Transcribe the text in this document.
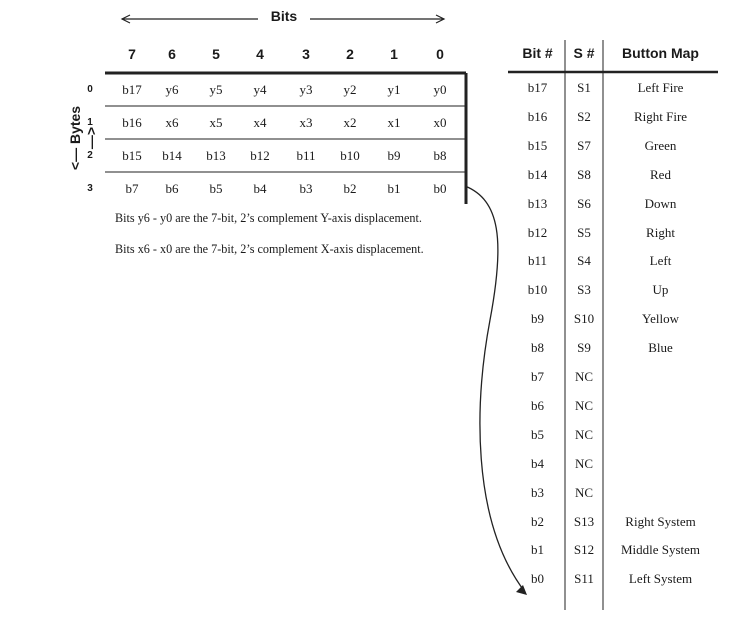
Bits
<— Bytes —>
7	6	5	4	3	2	1	0
0	b17	y6	y5	y4	y3	y2	y1	y0
1	b16	x6	x5	x4	x3	x2	x1	x0
2	b15	b14	b13	b12	b11	b10	b9	b8
3	b7	b6	b5	b4	b3	b2	b1	b0
Bits y6 - y0 are the 7-bit, 2’s complement Y-axis displacement.
Bits x6 - x0 are the 7-bit, 2’s complement X-axis displacement.
Bit #	S #	Button Map
b17	S1	Left Fire
b16	S2	Right Fire
b15	S7	Green
b14	S8	Red
b13	S6	Down
b12	S5	Right
b11	S4	Left
b10	S3	Up
b9	S10	Yellow
b8	S9	Blue
b7	NC
b6	NC
b5	NC
b4	NC
b3	NC
b2	S13	Right System
b1	S12	Middle System
b0	S11	Left System
